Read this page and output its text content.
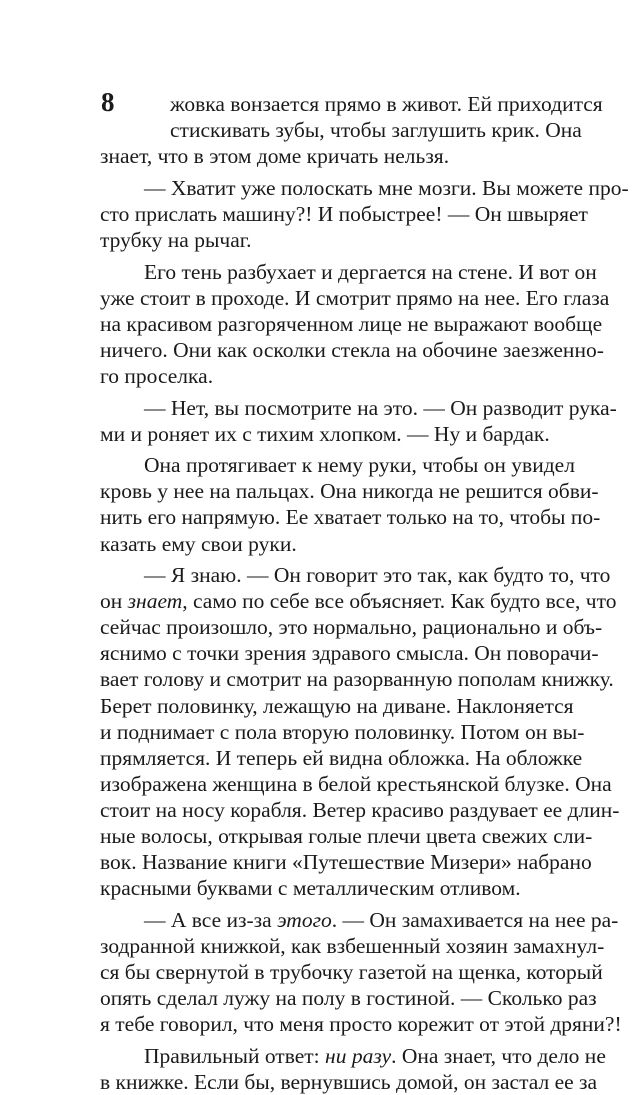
8	жовка вонзается прямо в живот. Ей приходится
стискивать зубы, чтобы заглушить крик. Она
знает, что в этом доме кричать нельзя.
— Хватит уже полоскать мне мозги. Вы можете про-
сто прислать машину?! И побыстрее! — Он швыряет
трубку на рычаг.
Его тень разбухает и дергается на стене. И вот он
уже стоит в проходе. И смотрит прямо на нее. Его глаза
на красивом разгоряченном лице не выражают вообще
ничего. Они как осколки стекла на обочине заезженно-
го проселка.
— Нет, вы посмотрите на это. — Он разводит рука-
ми и роняет их с тихим хлопком. — Ну и бардак.
Она протягивает к нему руки, чтобы он увидел
кровь у нее на пальцах. Она никогда не решится обви-
нить его напрямую. Ее хватает только на то, чтобы по-
казать ему свои руки.
— Я знаю. — Он говорит это так, как будто то, что
он знает, само по себе все объясняет. Как будто все, что
сейчас произошло, это нормально, рационально и объ-
яснимо с точки зрения здравого смысла. Он поворачи-
вает голову и смотрит на разорванную пополам книжку.
Берет половинку, лежащую на диване. Наклоняется
и поднимает с пола вторую половинку. Потом он вы-
прямляется. И теперь ей видна обложка. На обложке
изображена женщина в белой крестьянской блузке. Она
стоит на носу корабля. Ветер красиво раздувает ее длин-
ные волосы, открывая голые плечи цвета свежих сли-
вок. Название книги «Путешествие Мизери» набрано
красными буквами с металлическим отливом.
— А все из-за этого. — Он замахивается на нее ра-
зодранной книжкой, как взбешенный хозяин замахнул-
ся бы свернутой в трубочку газетой на щенка, который
опять сделал лужу на полу в гостиной. — Сколько раз
я тебе говорил, что меня просто корежит от этой дряни?!
Правильный ответ: ни разу. Она знает, что дело не
в книжке. Если бы, вернувшись домой, он застал ее за
